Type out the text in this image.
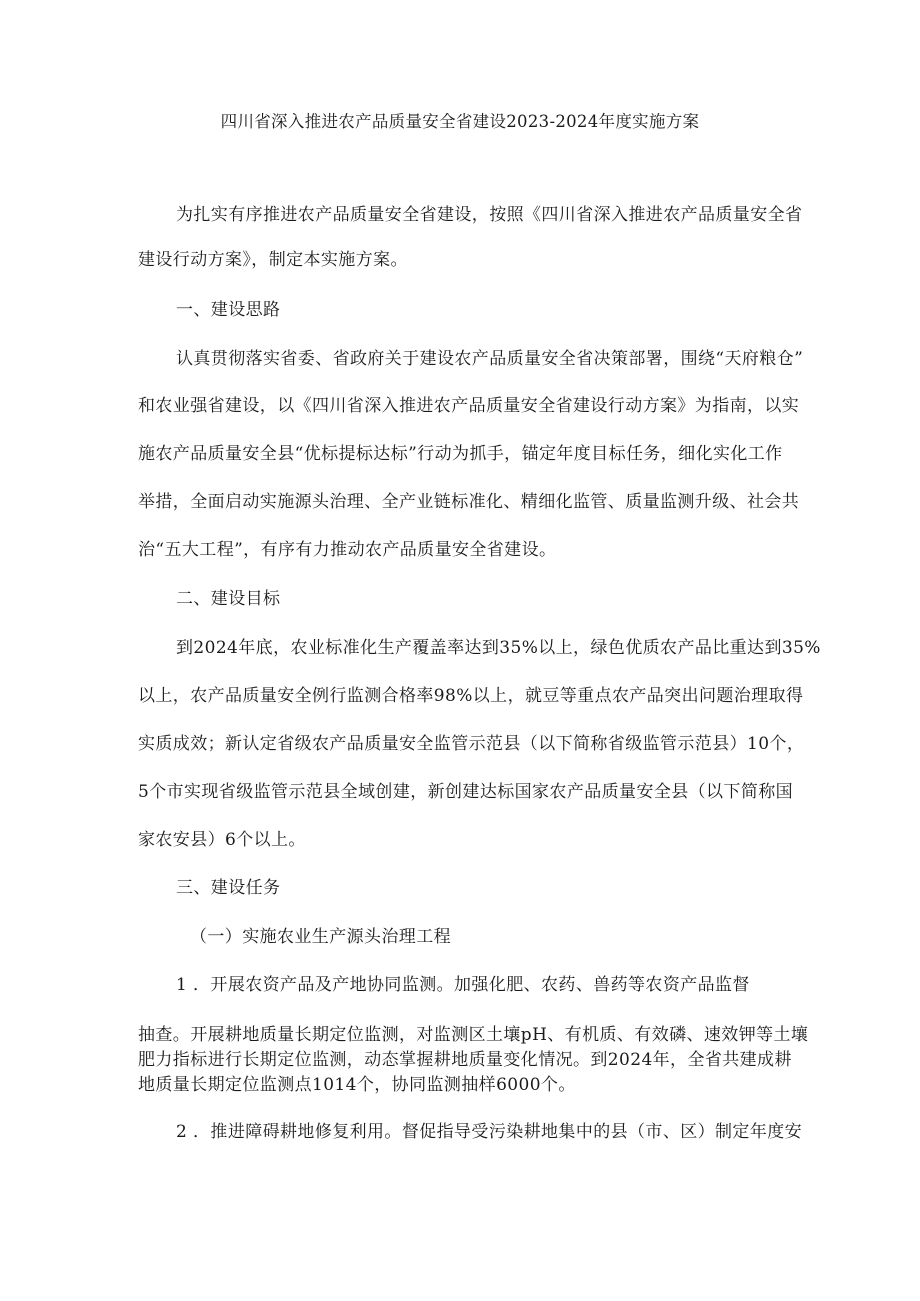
四川省深入推进农产品质量安全省建设2023-2024年度实施方案
为扎实有序推进农产品质量安全省建设，按照《四川省深入推进农产品质量安全省
建设行动方案》，制定本实施方案。
一、建设思路
认真贯彻落实省委、省政府关于建设农产品质量安全省决策部署，围绕“天府粮仓”
和农业强省建设，以《四川省深入推进农产品质量安全省建设行动方案》为指南，以实
施农产品质量安全县“优标提标达标”行动为抓手，锚定年度目标任务，细化实化工作
举措，全面启动实施源头治理、全产业链标准化、精细化监管、质量监测升级、社会共
治“五大工程”，有序有力推动农产品质量安全省建设。
二、建设目标
到2024年底，农业标准化生产覆盖率达到35%以上，绿色优质农产品比重达到35%
以上，农产品质量安全例行监测合格率98%以上，就豆等重点农产品突出问题治理取得
实质成效；新认定省级农产品质量安全监管示范县（以下简称省级监管示范县）10个，
5个市实现省级监管示范县全域创建，新创建达标国家农产品质量安全县（以下简称国
家农安县）6个以上。
三、建设任务
（一）实施农业生产源头治理工程
1 ．开展农资产品及产地协同监测。加强化肥、农药、兽药等农资产品监督
抽查。开展耕地质量长期定位监测，对监测区土壤pH、有机质、有效磷、速效钾等土壤
肥力指标进行长期定位监测，动态掌握耕地质量变化情况。到2024年，全省共建成耕
地质量长期定位监测点1014个，协同监测抽样6000个。
2 ．推进障碍耕地修复利用。督促指导受污染耕地集中的县（市、区）制定年度安
